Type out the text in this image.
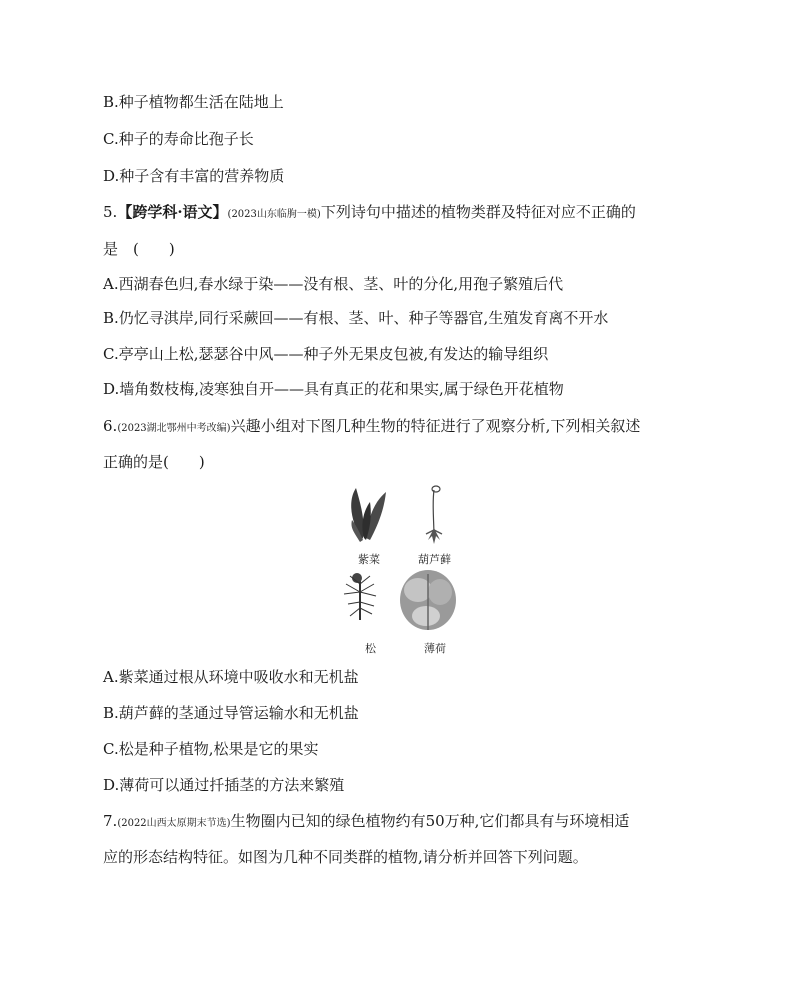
B.种子植物都生活在陆地上
C.种子的寿命比孢子长
D.种子含有丰富的营养物质
5.【跨学科·语文】(2023山东临朐一模)下列诗句中描述的植物类群及特征对应不正确的
是　(　　)
A.西湖春色归,春水绿于染——没有根、茎、叶的分化,用孢子繁殖后代
B.仍忆寻淇岸,同行采蕨回——有根、茎、叶、种子等器官,生殖发育离不开水
C.亭亭山上松,瑟瑟谷中风——种子外无果皮包被,有发达的输导组织
D.墙角数枝梅,凌寒独自开——具有真正的花和果实,属于绿色开花植物
6.(2023湖北鄂州中考改编)兴趣小组对下图几种生物的特征进行了观察分析,下列相关叙述
正确的是(　　)
紫菜	葫芦藓
松	薄荷
A.紫菜通过根从环境中吸收水和无机盐
B.葫芦藓的茎通过导管运输水和无机盐
C.松是种子植物,松果是它的果实
D.薄荷可以通过扦插茎的方法来繁殖
7.(2022山西太原期末节选)生物圈内已知的绿色植物约有50万种,它们都具有与环境相适
应的形态结构特征。如图为几种不同类群的植物,请分析并回答下列问题。
